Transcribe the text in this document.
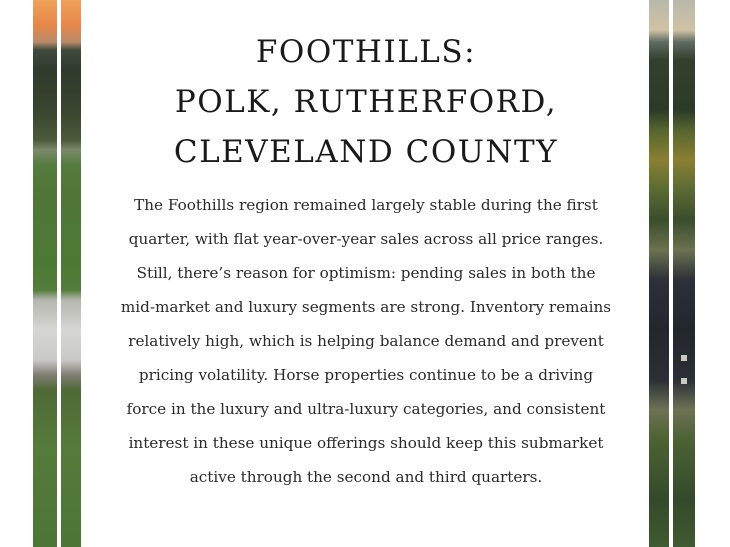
FOOTHILLS:
POLK, RUTHERFORD,
CLEVELAND COUNTY

The Foothills region remained largely stable during the first quarter, with flat year-over-year sales across all price ranges. Still, there’s reason for optimism: pending sales in both the mid-market and luxury segments are strong. Inventory remains relatively high, which is helping balance demand and prevent pricing volatility. Horse properties continue to be a driving force in the luxury and ultra-luxury categories, and consistent interest in these unique offerings should keep this submarket active through the second and third quarters.
